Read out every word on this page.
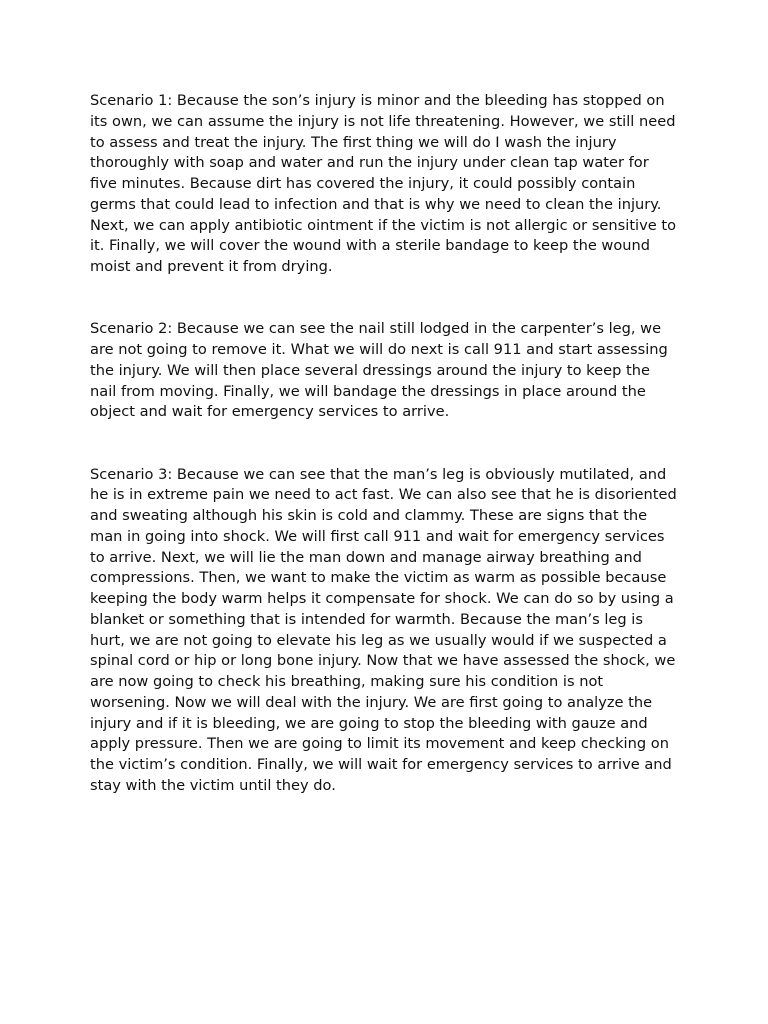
Scenario 1: Because the son’s injury is minor and the bleeding has stopped on its own, we can assume the injury is not life threatening. However, we still need to assess and treat the injury. The first thing we will do I wash the injury thoroughly with soap and water and run the injury under clean tap water for five minutes. Because dirt has covered the injury, it could possibly contain germs that could lead to infection and that is why we need to clean the injury. Next, we can apply antibiotic ointment if the victim is not allergic or sensitive to it. Finally, we will cover the wound with a sterile bandage to keep the wound moist and prevent it from drying.

Scenario 2: Because we can see the nail still lodged in the carpenter’s leg, we are not going to remove it. What we will do next is call 911 and start assessing the injury. We will then place several dressings around the injury to keep the nail from moving. Finally, we will bandage the dressings in place around the object and wait for emergency services to arrive.

Scenario 3: Because we can see that the man’s leg is obviously mutilated, and he is in extreme pain we need to act fast. We can also see that he is disoriented and sweating although his skin is cold and clammy. These are signs that the man in going into shock. We will first call 911 and wait for emergency services to arrive. Next, we will lie the man down and manage airway breathing and compressions. Then, we want to make the victim as warm as possible because keeping the body warm helps it compensate for shock. We can do so by using a blanket or something that is intended for warmth. Because the man’s leg is hurt, we are not going to elevate his leg as we usually would if we suspected a spinal cord or hip or long bone injury. Now that we have assessed the shock, we are now going to check his breathing, making sure his condition is not worsening. Now we will deal with the injury. We are first going to analyze the injury and if it is bleeding, we are going to stop the bleeding with gauze and apply pressure. Then we are going to limit its movement and keep checking on the victim’s condition. Finally, we will wait for emergency services to arrive and stay with the victim until they do.
